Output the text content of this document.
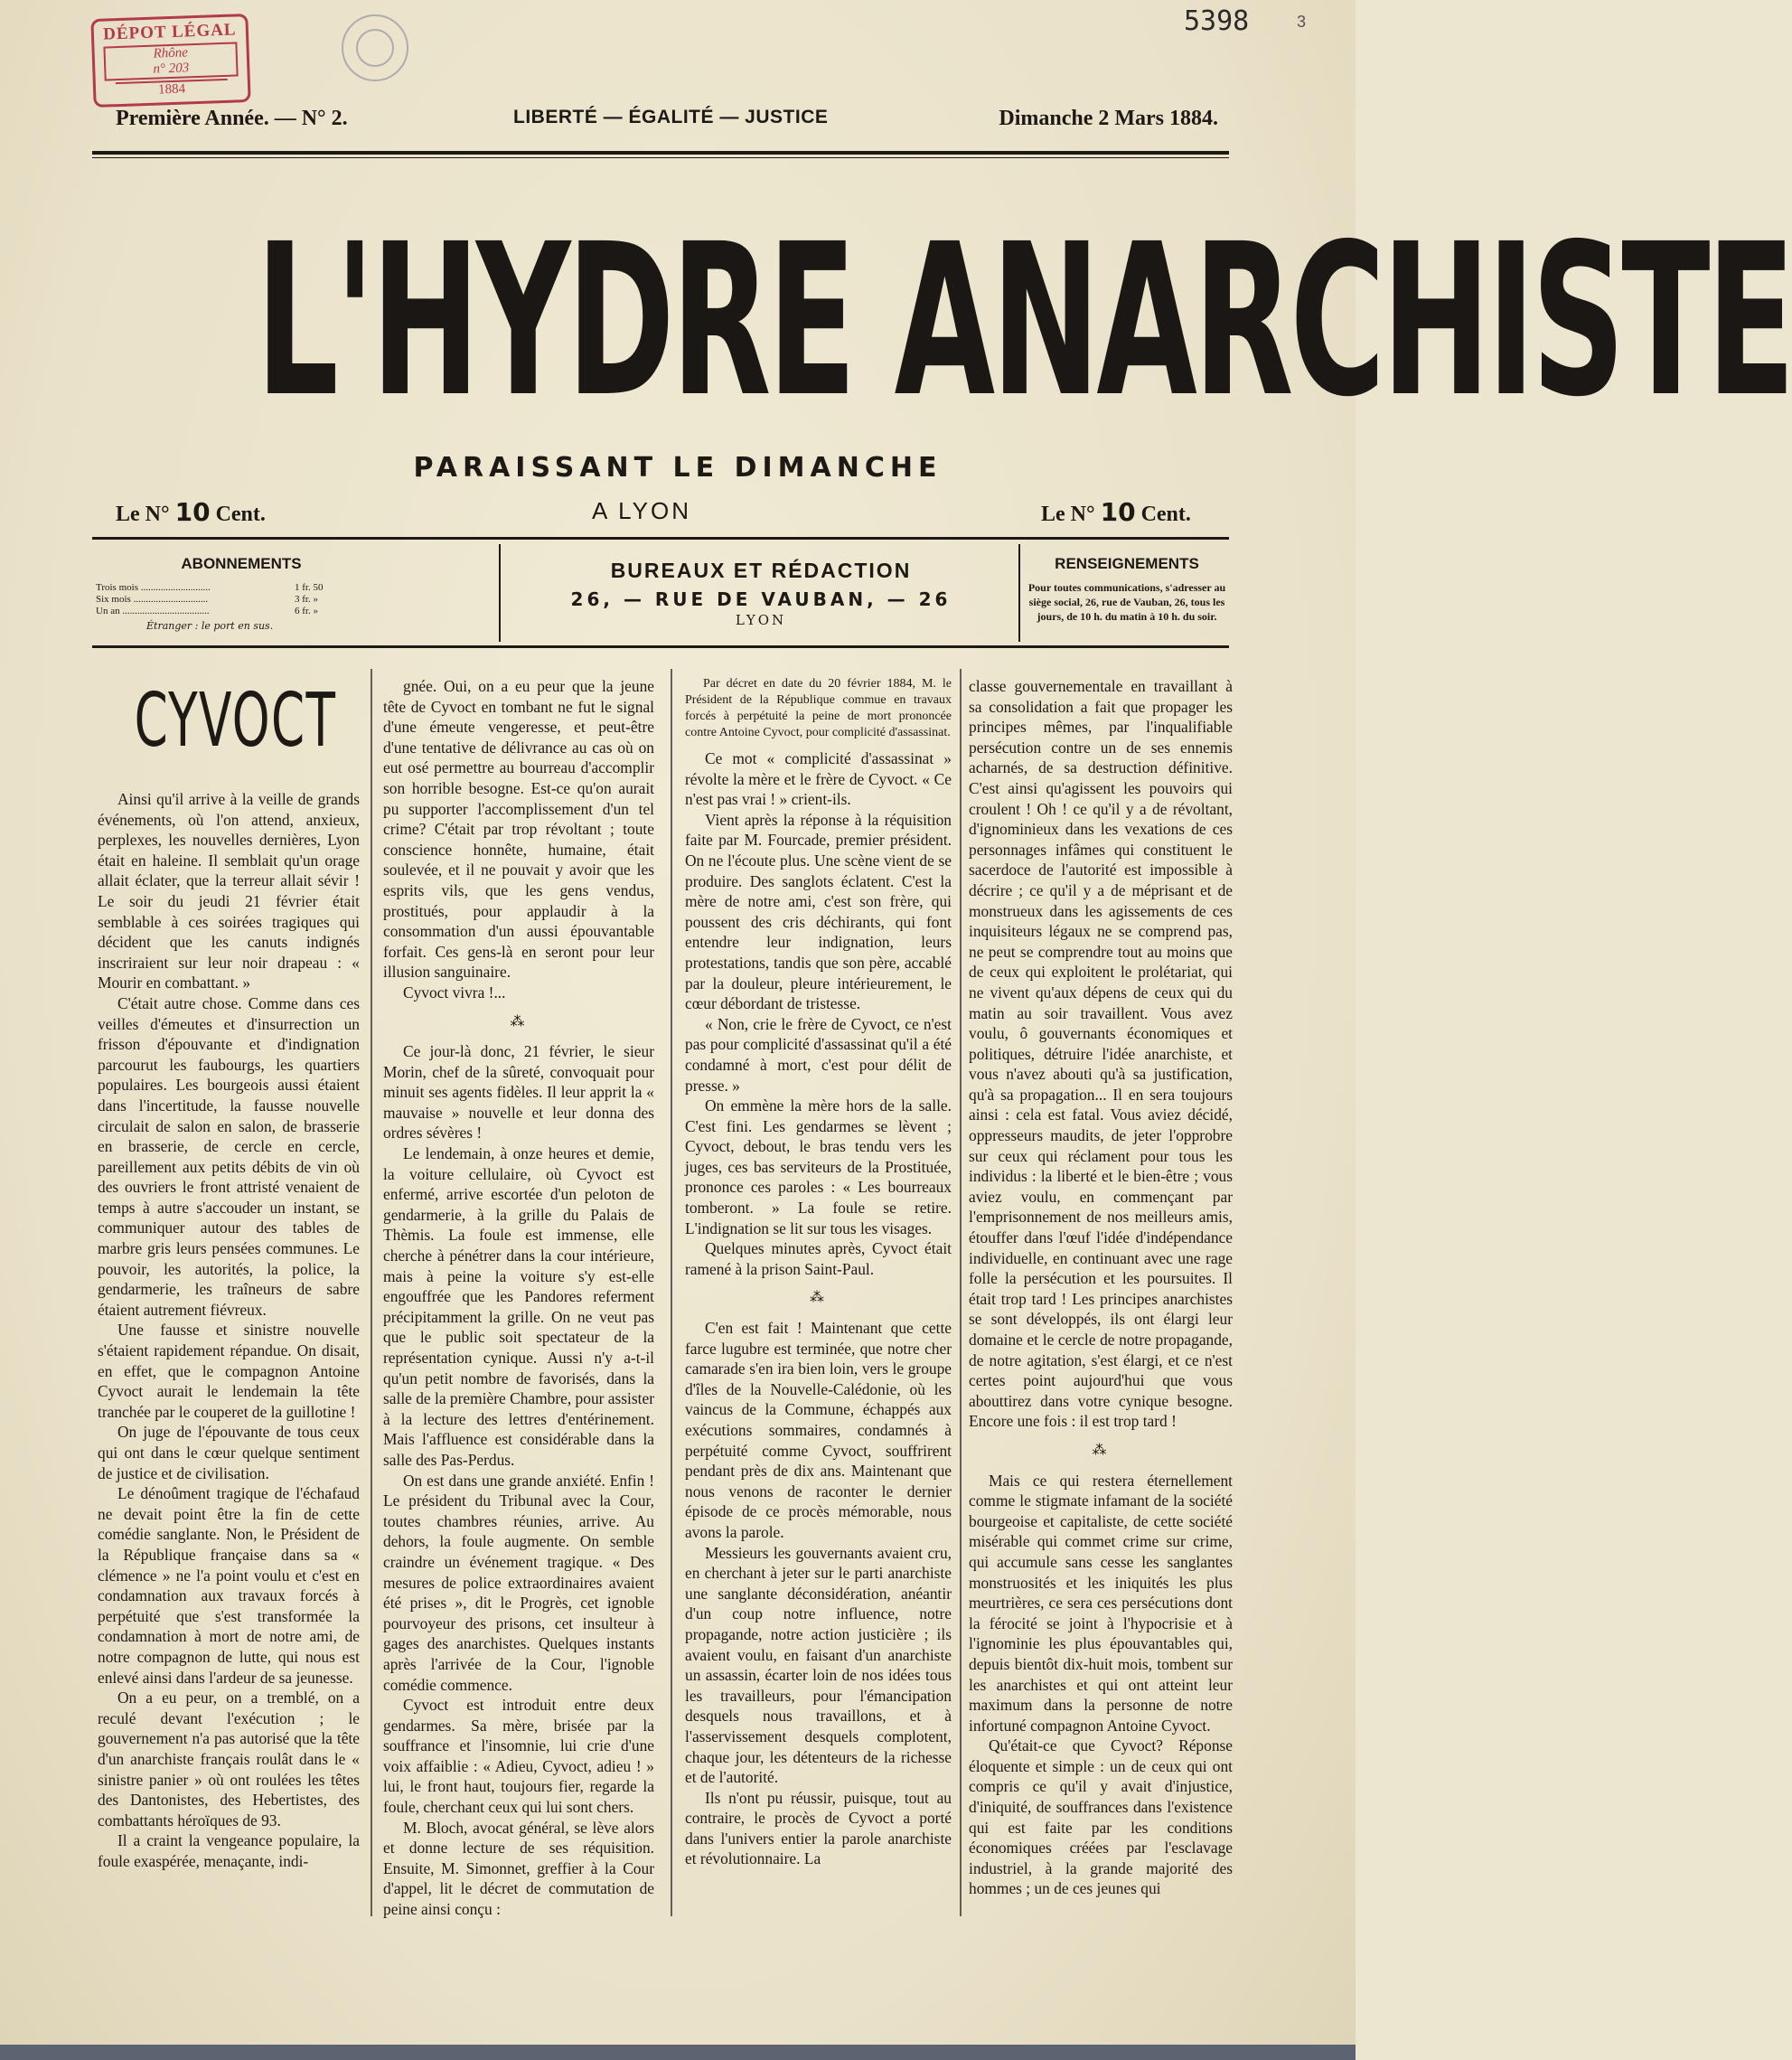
DÉPOT LÉGAL
Rhône
n° 203
1884
5398	3
Première Année. — N° 2.	LIBERTÉ — ÉGALITÉ — JUSTICE	Dimanche 2 Mars 1884.
L'HYDRE ANARCHISTE
PARAISSANT LE DIMANCHE
Le N° 10 Cent.	A LYON	Le N° 10 Cent.
ABONNEMENTS
Trois mois ............................	1 fr. 50
Six mois ..............................	3 fr. »
Un an ...................................	6 fr. »
Étranger : le port en sus.
BUREAUX ET RÉDACTION
26, — RUE DE VAUBAN, — 26
LYON
RENSEIGNEMENTS
Pour toutes communications, s'adresser au siège social, 26, rue de Vauban, 26, tous les jours, de 10 h. du matin à 10 h. du soir.
CYVOCT

Ainsi qu'il arrive à la veille de grands événements, où l'on attend, anxieux, perplexes, les nouvelles dernières, Lyon était en haleine. Il semblait qu'un orage allait éclater, que la terreur allait sévir ! Le soir du jeudi 21 février était semblable à ces soirées tragiques qui décident que les canuts indignés inscriraient sur leur noir drapeau : « Mourir en combattant. »

C'était autre chose. Comme dans ces veilles d'émeutes et d'insurrection un frisson d'épouvante et d'indignation parcourut les faubourgs, les quartiers populaires. Les bourgeois aussi étaient dans l'incertitude, la fausse nouvelle circulait de salon en salon, de brasserie en brasserie, de cercle en cercle, pareillement aux petits débits de vin où des ouvriers le front attristé venaient de temps à autre s'accouder un instant, se communiquer autour des tables de marbre gris leurs pensées communes. Le pouvoir, les autorités, la police, la gendarmerie, les traîneurs de sabre étaient autrement fiévreux.

Une fausse et sinistre nouvelle s'étaient rapidement répandue. On disait, en effet, que le compagnon Antoine Cyvoct aurait le lendemain la tête tranchée par le couperet de la guillotine !

On juge de l'épouvante de tous ceux qui ont dans le cœur quelque sentiment de justice et de civilisation.

Le dénoûment tragique de l'échafaud ne devait point être la fin de cette comédie sanglante. Non, le Président de la République française dans sa « clémence » ne l'a point voulu et c'est en condamnation aux travaux forcés à perpétuité que s'est transformée la condamnation à mort de notre ami, de notre compagnon de lutte, qui nous est enlevé ainsi dans l'ardeur de sa jeunesse.

On a eu peur, on a tremblé, on a reculé devant l'exécution ; le gouvernement n'a pas autorisé que la tête d'un anarchiste français roulât dans le « sinistre panier » où ont roulées les têtes des Dantonistes, des Hebertistes, des combattants héroïques de 93.

Il a craint la vengeance populaire, la foule exaspérée, menaçante, indi-

gnée. Oui, on a eu peur que la jeune tête de Cyvoct en tombant ne fut le signal d'une émeute vengeresse, et peut-être d'une tentative de délivrance au cas où on eut osé permettre au bourreau d'accomplir son horrible besogne. Est-ce qu'on aurait pu supporter l'accomplissement d'un tel crime? C'était par trop révoltant ; toute conscience honnête, humaine, était soulevée, et il ne pouvait y avoir que les esprits vils, que les gens vendus, prostitués, pour applaudir à la consommation d'un aussi épouvantable forfait. Ces gens-là en seront pour leur illusion sanguinaire.

Cyvoct vivra !...

⁂

Ce jour-là donc, 21 février, le sieur Morin, chef de la sûreté, convoquait pour minuit ses agents fidèles. Il leur apprit la « mauvaise » nouvelle et leur donna des ordres sévères !

Le lendemain, à onze heures et demie, la voiture cellulaire, où Cyvoct est enfermé, arrive escortée d'un peloton de gendarmerie, à la grille du Palais de Thèmis. La foule est immense, elle cherche à pénétrer dans la cour intérieure, mais à peine la voiture s'y est-elle engouffrée que les Pandores referment précipitamment la grille. On ne veut pas que le public soit spectateur de la représentation cynique. Aussi n'y a-t-il qu'un petit nombre de favorisés, dans la salle de la première Chambre, pour assister à la lecture des lettres d'entérinement. Mais l'affluence est considérable dans la salle des Pas-Perdus.

On est dans une grande anxiété. Enfin ! Le président du Tribunal avec la Cour, toutes chambres réunies, arrive. Au dehors, la foule augmente. On semble craindre un événement tragique. « Des mesures de police extraordinaires avaient été prises », dit le Progrès, cet ignoble pourvoyeur des prisons, cet insulteur à gages des anarchistes. Quelques instants après l'arrivée de la Cour, l'ignoble comédie commence.

Cyvoct est introduit entre deux gendarmes. Sa mère, brisée par la souffrance et l'insomnie, lui crie d'une voix affaiblie : « Adieu, Cyvoct, adieu ! » lui, le front haut, toujours fier, regarde la foule, cherchant ceux qui lui sont chers.

M. Bloch, avocat général, se lève alors et donne lecture de ses réquisition. Ensuite, M. Simonnet, greffier à la Cour d'appel, lit le décret de commutation de peine ainsi conçu :

Par décret en date du 20 février 1884, M. le Président de la République commue en travaux forcés à perpétuité la peine de mort prononcée contre Antoine Cyvoct, pour complicité d'assassinat.

Ce mot « complicité d'assassinat » révolte la mère et le frère de Cyvoct. « Ce n'est pas vrai ! » crient-ils.

Vient après la réponse à la réquisition faite par M. Fourcade, premier président. On ne l'écoute plus. Une scène vient de se produire. Des sanglots éclatent. C'est la mère de notre ami, c'est son frère, qui poussent des cris déchirants, qui font entendre leur indignation, leurs protestations, tandis que son père, accablé par la douleur, pleure intérieurement, le cœur débordant de tristesse.

« Non, crie le frère de Cyvoct, ce n'est pas pour complicité d'assassinat qu'il a été condamné à mort, c'est pour délit de presse. »

On emmène la mère hors de la salle. C'est fini. Les gendarmes se lèvent ; Cyvoct, debout, le bras tendu vers les juges, ces bas serviteurs de la Prostituée, prononce ces paroles : « Les bourreaux tomberont. » La foule se retire. L'indignation se lit sur tous les visages.

Quelques minutes après, Cyvoct était ramené à la prison Saint-Paul.

⁂

C'en est fait ! Maintenant que cette farce lugubre est terminée, que notre cher camarade s'en ira bien loin, vers le groupe d'îles de la Nouvelle-Calédonie, où les vaincus de la Commune, échappés aux exécutions sommaires, condamnés à perpétuité comme Cyvoct, souffrirent pendant près de dix ans. Maintenant que nous venons de raconter le dernier épisode de ce procès mémorable, nous avons la parole.

Messieurs les gouvernants avaient cru, en cherchant à jeter sur le parti anarchiste une sanglante déconsidération, anéantir d'un coup notre influence, notre propagande, notre action justicière ; ils avaient voulu, en faisant d'un anarchiste un assassin, écarter loin de nos idées tous les travailleurs, pour l'émancipation desquels nous travaillons, et à l'asservissement desquels complotent, chaque jour, les détenteurs de la richesse et de l'autorité.

Ils n'ont pu réussir, puisque, tout au contraire, le procès de Cyvoct a porté dans l'univers entier la parole anarchiste et révolutionnaire. La

classe gouvernementale en travaillant à sa consolidation a fait que propager les principes mêmes, par l'inqualifiable persécution contre un de ses ennemis acharnés, de sa destruction définitive. C'est ainsi qu'agissent les pouvoirs qui croulent ! Oh ! ce qu'il y a de révoltant, d'ignominieux dans les vexations de ces personnages infâmes qui constituent le sacerdoce de l'autorité est impossible à décrire ; ce qu'il y a de méprisant et de monstrueux dans les agissements de ces inquisiteurs légaux ne se comprend pas, ne peut se comprendre tout au moins que de ceux qui exploitent le prolétariat, qui ne vivent qu'aux dépens de ceux qui du matin au soir travaillent. Vous avez voulu, ô gouvernants économiques et politiques, détruire l'idée anarchiste, et vous n'avez abouti qu'à sa justification, qu'à sa propagation... Il en sera toujours ainsi : cela est fatal. Vous aviez décidé, oppresseurs maudits, de jeter l'opprobre sur ceux qui réclament pour tous les individus : la liberté et le bien-être ; vous aviez voulu, en commençant par l'emprisonnement de nos meilleurs amis, étouffer dans l'œuf l'idée d'indépendance individuelle, en continuant avec une rage folle la persécution et les poursuites. Il était trop tard ! Les principes anarchistes se sont développés, ils ont élargi leur domaine et le cercle de notre propagande, de notre agitation, s'est élargi, et ce n'est certes point aujourd'hui que vous abouttirez dans votre cynique besogne. Encore une fois : il est trop tard !

⁂

Mais ce qui restera éternellement comme le stigmate infamant de la société bourgeoise et capitaliste, de cette société misérable qui commet crime sur crime, qui accumule sans cesse les sanglantes monstruosités et les iniquités les plus meurtrières, ce sera ces persécutions dont la férocité se joint à l'hypocrisie et à l'ignominie les plus épouvantables qui, depuis bientôt dix-huit mois, tombent sur les anarchistes et qui ont atteint leur maximum dans la personne de notre infortuné compagnon Antoine Cyvoct.

Qu'était-ce que Cyvoct? Réponse éloquente et simple : un de ceux qui ont compris ce qu'il y avait d'injustice, d'iniquité, de souffrances dans l'existence qui est faite par les conditions économiques créées par l'esclavage industriel, à la grande majorité des hommes ; un de ces jeunes qui
